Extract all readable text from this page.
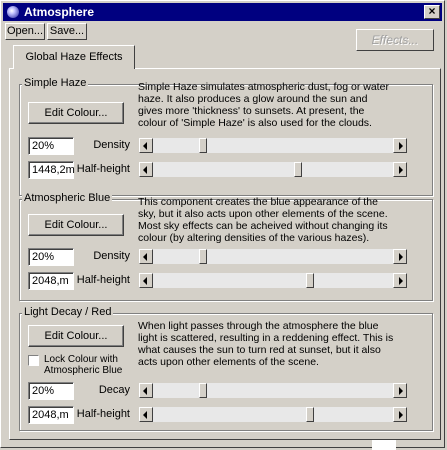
Atmosphere	×
Open... Save...
Effects...
Global Haze Effects
Simple Haze
Edit Colour...
Simple Haze simulates atmospheric dust, fog or water
haze. It also produces a glow around the sun and
gives more 'thickness' to sunsets. At present, the
colour of 'Simple Haze' is also used for the clouds.
20%	Density
1448,2m Half-height
Atmospheric Blue
Edit Colour...
This component creates the blue appearance of the
sky, but it also acts upon other elements of the scene.
Most sky effects can be acheived without changing its
colour (by altering densities of the various hazes).
20%	Density
2048,m Half-height
Light Decay / Red
Edit Colour...
Lock Colour with
Atmospheric Blue
When light passes through the atmosphere the blue
light is scattered, resulting in a reddening effect. This is
what causes the sun to turn red at sunset, but it also
acts upon other elements of the scene.
20%	Decay
2048,m Half-height
